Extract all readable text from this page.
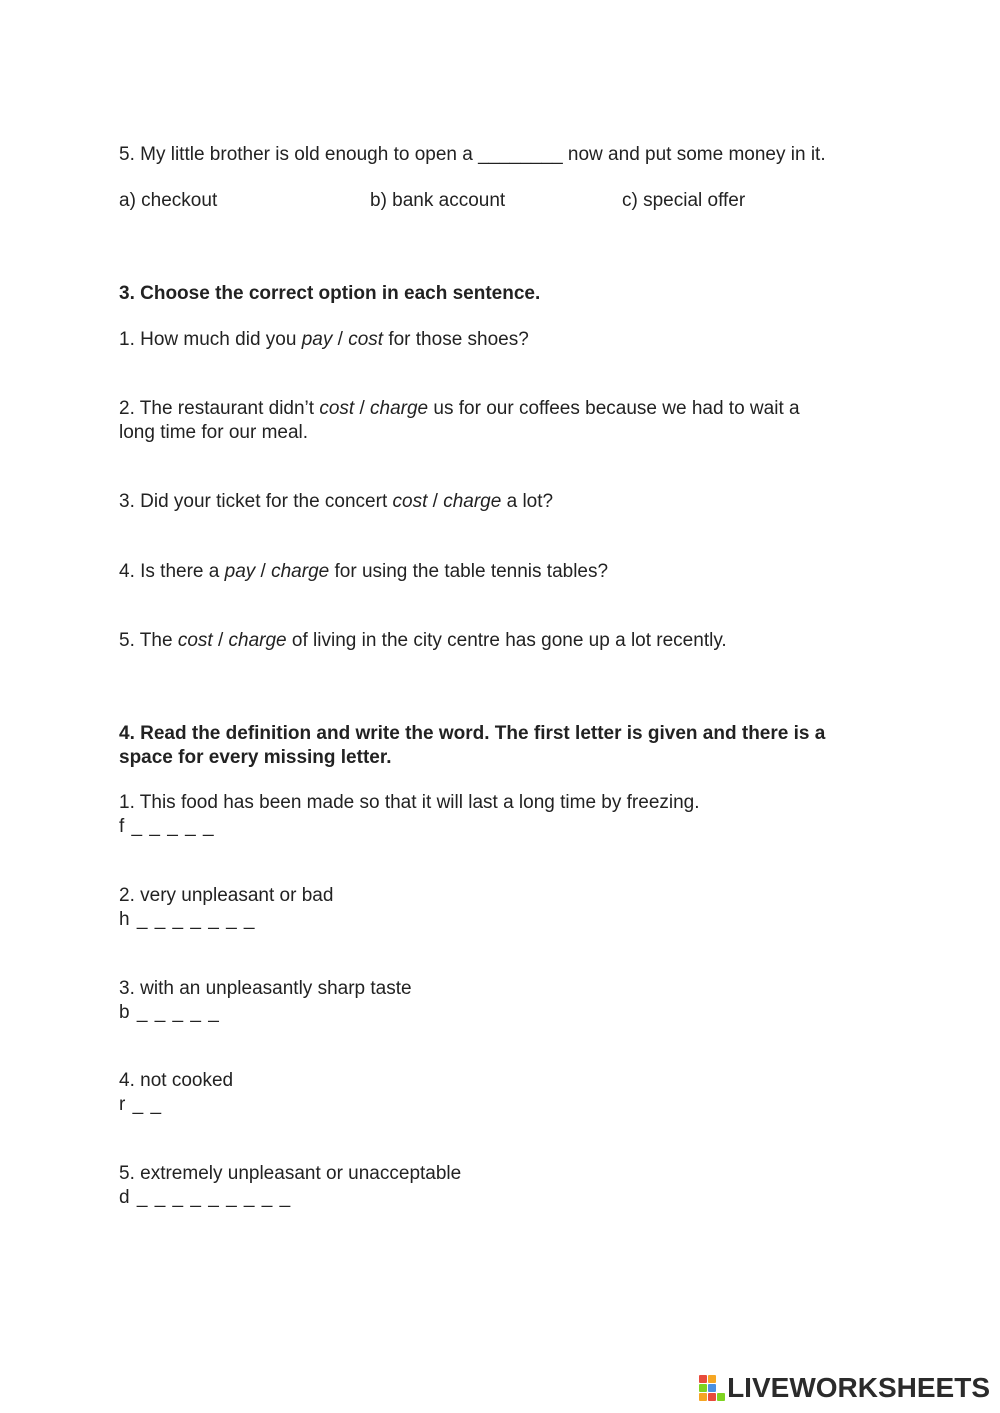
5. My little brother is old enough to open a ________ now and put some money in it.
a) checkout	b) bank account	c) special offer
3. Choose the correct option in each sentence.
1. How much did you pay / cost for those shoes?
2. The restaurant didn’t cost / charge us for our coffees because we had to wait a
long time for our meal.
3. Did your ticket for the concert cost / charge a lot?
4. Is there a pay / charge for using the table tennis tables?
5. The cost / charge of living in the city centre has gone up a lot recently.
4. Read the definition and write the word. The first letter is given and there is a
space for every missing letter.
1. This food has been made so that it will last a long time by freezing.
f _ _ _ _ _
2. very unpleasant or bad
h _ _ _ _ _ _ _
3. with an unpleasantly sharp taste
b _ _ _ _ _
4. not cooked
r _ _
5. extremely unpleasant or unacceptable
d _ _ _ _ _ _ _ _ _
LIVEWORKSHEETS
